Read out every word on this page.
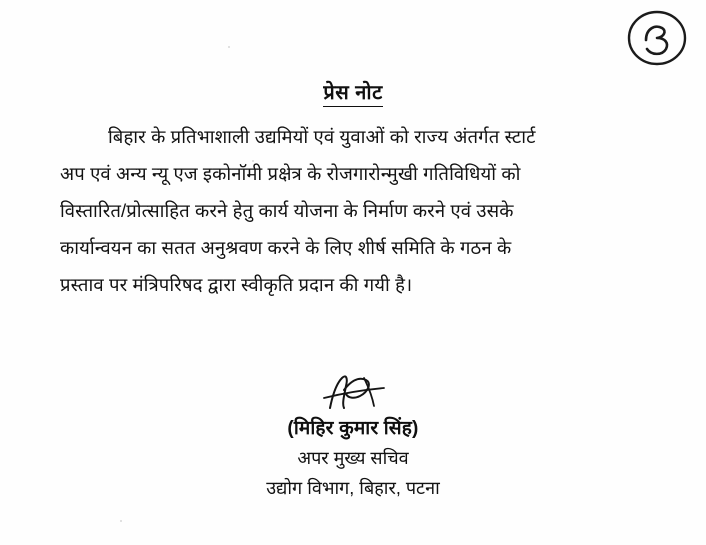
प्रेस नोट
बिहार के प्रतिभाशाली उद्यमियों एवं युवाओं को राज्य अंतर्गत स्टार्ट
अप एवं अन्य न्यू एज इकोनॉमी प्रक्षेत्र के रोजगारोन्मुखी गतिविधियों को
विस्तारित/प्रोत्साहित करने हेतु कार्य योजना के निर्माण करने एवं उसके
कार्यान्वयन का सतत अनुश्रवण करने के लिए शीर्ष समिति के गठन के
प्रस्ताव पर मंत्रिपरिषद द्वारा स्वीकृति प्रदान की गयी है।
(मिहिर कुमार सिंह)
अपर मुख्य सचिव
उद्योग विभाग, बिहार, पटना
